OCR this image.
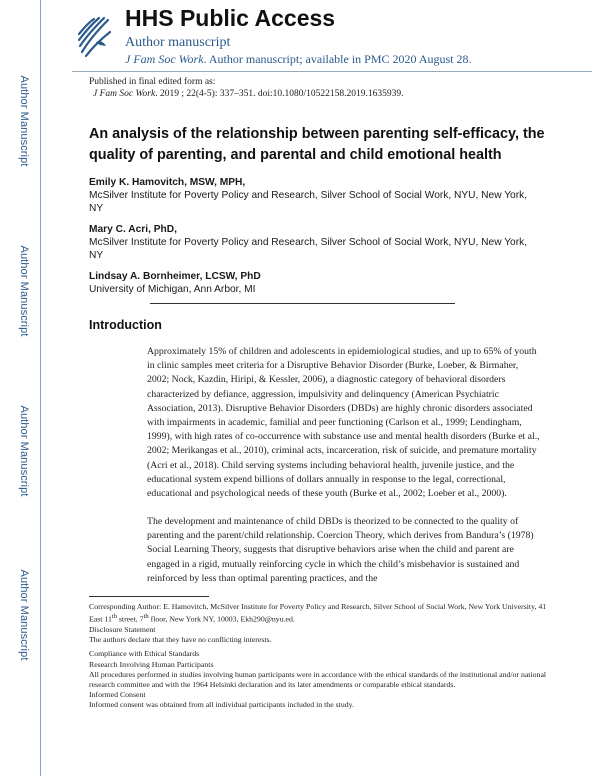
Author Manuscript
Author Manuscript
Author Manuscript
Author Manuscript
HHS Public Access
Author manuscript
J Fam Soc Work. Author manuscript; available in PMC 2020 August 28.
Published in final edited form as:
J Fam Soc Work. 2019 ; 22(4-5): 337–351. doi:10.1080/10522158.2019.1635939.
An analysis of the relationship between parenting self-efficacy, the quality of parenting, and parental and child emotional health
Emily K. Hamovitch, MSW, MPH,
McSilver Institute for Poverty Policy and Research, Silver School of Social Work, NYU, New York, NY
Mary C. Acri, PhD,
McSilver Institute for Poverty Policy and Research, Silver School of Social Work, NYU, New York, NY
Lindsay A. Bornheimer, LCSW, PhD
University of Michigan, Ann Arbor, MI
Introduction

Approximately 15% of children and adolescents in epidemiological studies, and up to 65% of youth in clinic samples meet criteria for a Disruptive Behavior Disorder (Burke, Loeber, & Birmaher, 2002; Nock, Kazdin, Hiripi, & Kessler, 2006), a diagnostic category of behavioral disorders characterized by defiance, aggression, impulsivity and delinquency (American Psychiatric Association, 2013). Disruptive Behavior Disorders (DBDs) are highly chronic disorders associated with impairments in academic, familial and peer functioning (Carlson et al., 1999; Lendingham, 1999), with high rates of co-occurrence with substance use and mental health disorders (Burke et al., 2002; Merikangas et al., 2010), criminal acts, incarceration, risk of suicide, and premature mortality (Acri et al., 2018). Child serving systems including behavioral health, juvenile justice, and the educational system expend billions of dollars annually in response to the legal, correctional, educational and psychological needs of these youth (Burke et al., 2002; Loeber et al., 2000).

The development and maintenance of child DBDs is theorized to be connected to the quality of parenting and the parent/child relationship. Coercion Theory, which derives from Bandura’s (1978) Social Learning Theory, suggests that disruptive behaviors arise when the child and parent are engaged in a rigid, mutually reinforcing cycle in which the child’s misbehavior is sustained and reinforced by less than optimal parenting practices, and the

Corresponding Author: E. Hamovitch, McSilver Institute for Poverty Policy and Research, Silver School of Social Work, New York University, 41 East 11th street, 7th floor, New York NY, 10003, Ekh290@nyu.ed.
Disclosure Statement
The authors declare that they have no conflicting interests.
Compliance with Ethical Standards
Research Involving Human Participants
All procedures performed in studies involving human participants were in accordance with the ethical standards of the institutional and/or national research committee and with the 1964 Helsinki declaration and its later amendments or comparable ethical standards.
Informed Consent
Informed consent was obtained from all individual participants included in the study.
